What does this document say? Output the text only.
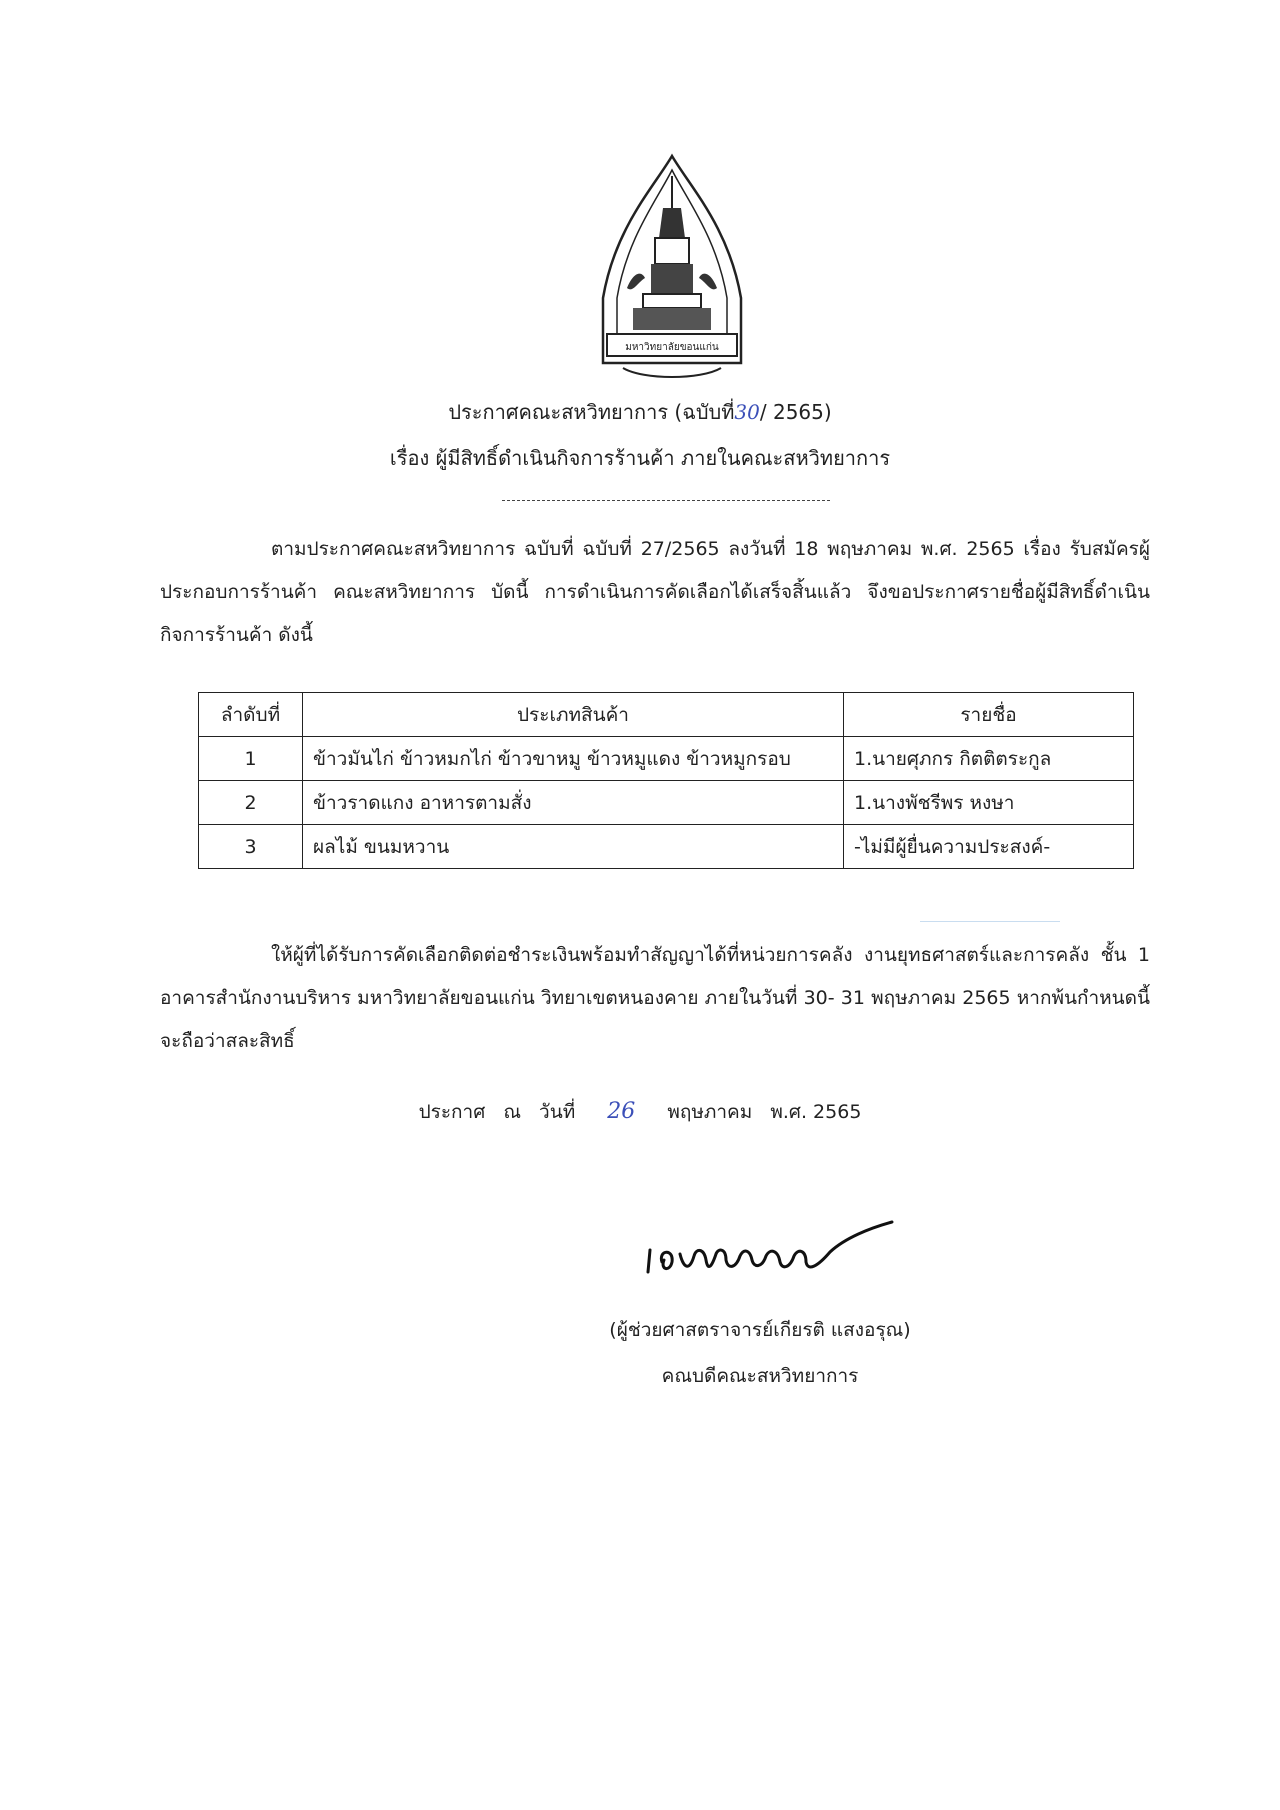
มหาวิทยาลัยขอนแก่น
ประกาศคณะสหวิทยาการ (ฉบับที่30/ 2565)
เรื่อง ผู้มีสิทธิ์ดำเนินกิจการร้านค้า ภายในคณะสหวิทยาการ
ตามประกาศคณะสหวิทยาการ ฉบับที่ ฉบับที่ 27/2565 ลงวันที่ 18 พฤษภาคม พ.ศ. 2565 เรื่อง รับสมัครผู้ประกอบการร้านค้า คณะสหวิทยาการ บัดนี้ การดำเนินการคัดเลือกได้เสร็จสิ้นแล้ว จึงขอประกาศรายชื่อผู้มีสิทธิ์ดำเนินกิจการร้านค้า ดังนี้
ลำดับที่	ประเภทสินค้า	รายชื่อ
1	ข้าวมันไก่ ข้าวหมกไก่ ข้าวขาหมู ข้าวหมูแดง ข้าวหมูกรอบ	1.นายศุภกร กิตติตระกูล
2	ข้าวราดแกง อาหารตามสั่ง	1.นางพัชรีพร หงษา
3	ผลไม้ ขนมหวาน	-ไม่มีผู้ยื่นความประสงค์-
ให้ผู้ที่ได้รับการคัดเลือกติดต่อชำระเงินพร้อมทำสัญญาได้ที่หน่วยการคลัง งานยุทธศาสตร์และการคลัง ชั้น 1 อาคารสำนักงานบริหาร มหาวิทยาลัยขอนแก่น วิทยาเขตหนองคาย ภายในวันที่ 30- 31 พฤษภาคม 2565 หากพ้นกำหนดนี้จะถือว่าสละสิทธิ์
ประกาศ ณ วันที่ 26 พฤษภาคม พ.ศ. 2565
(ผู้ช่วยศาสตราจารย์เกียรติ แสงอรุณ)
คณบดีคณะสหวิทยาการ
